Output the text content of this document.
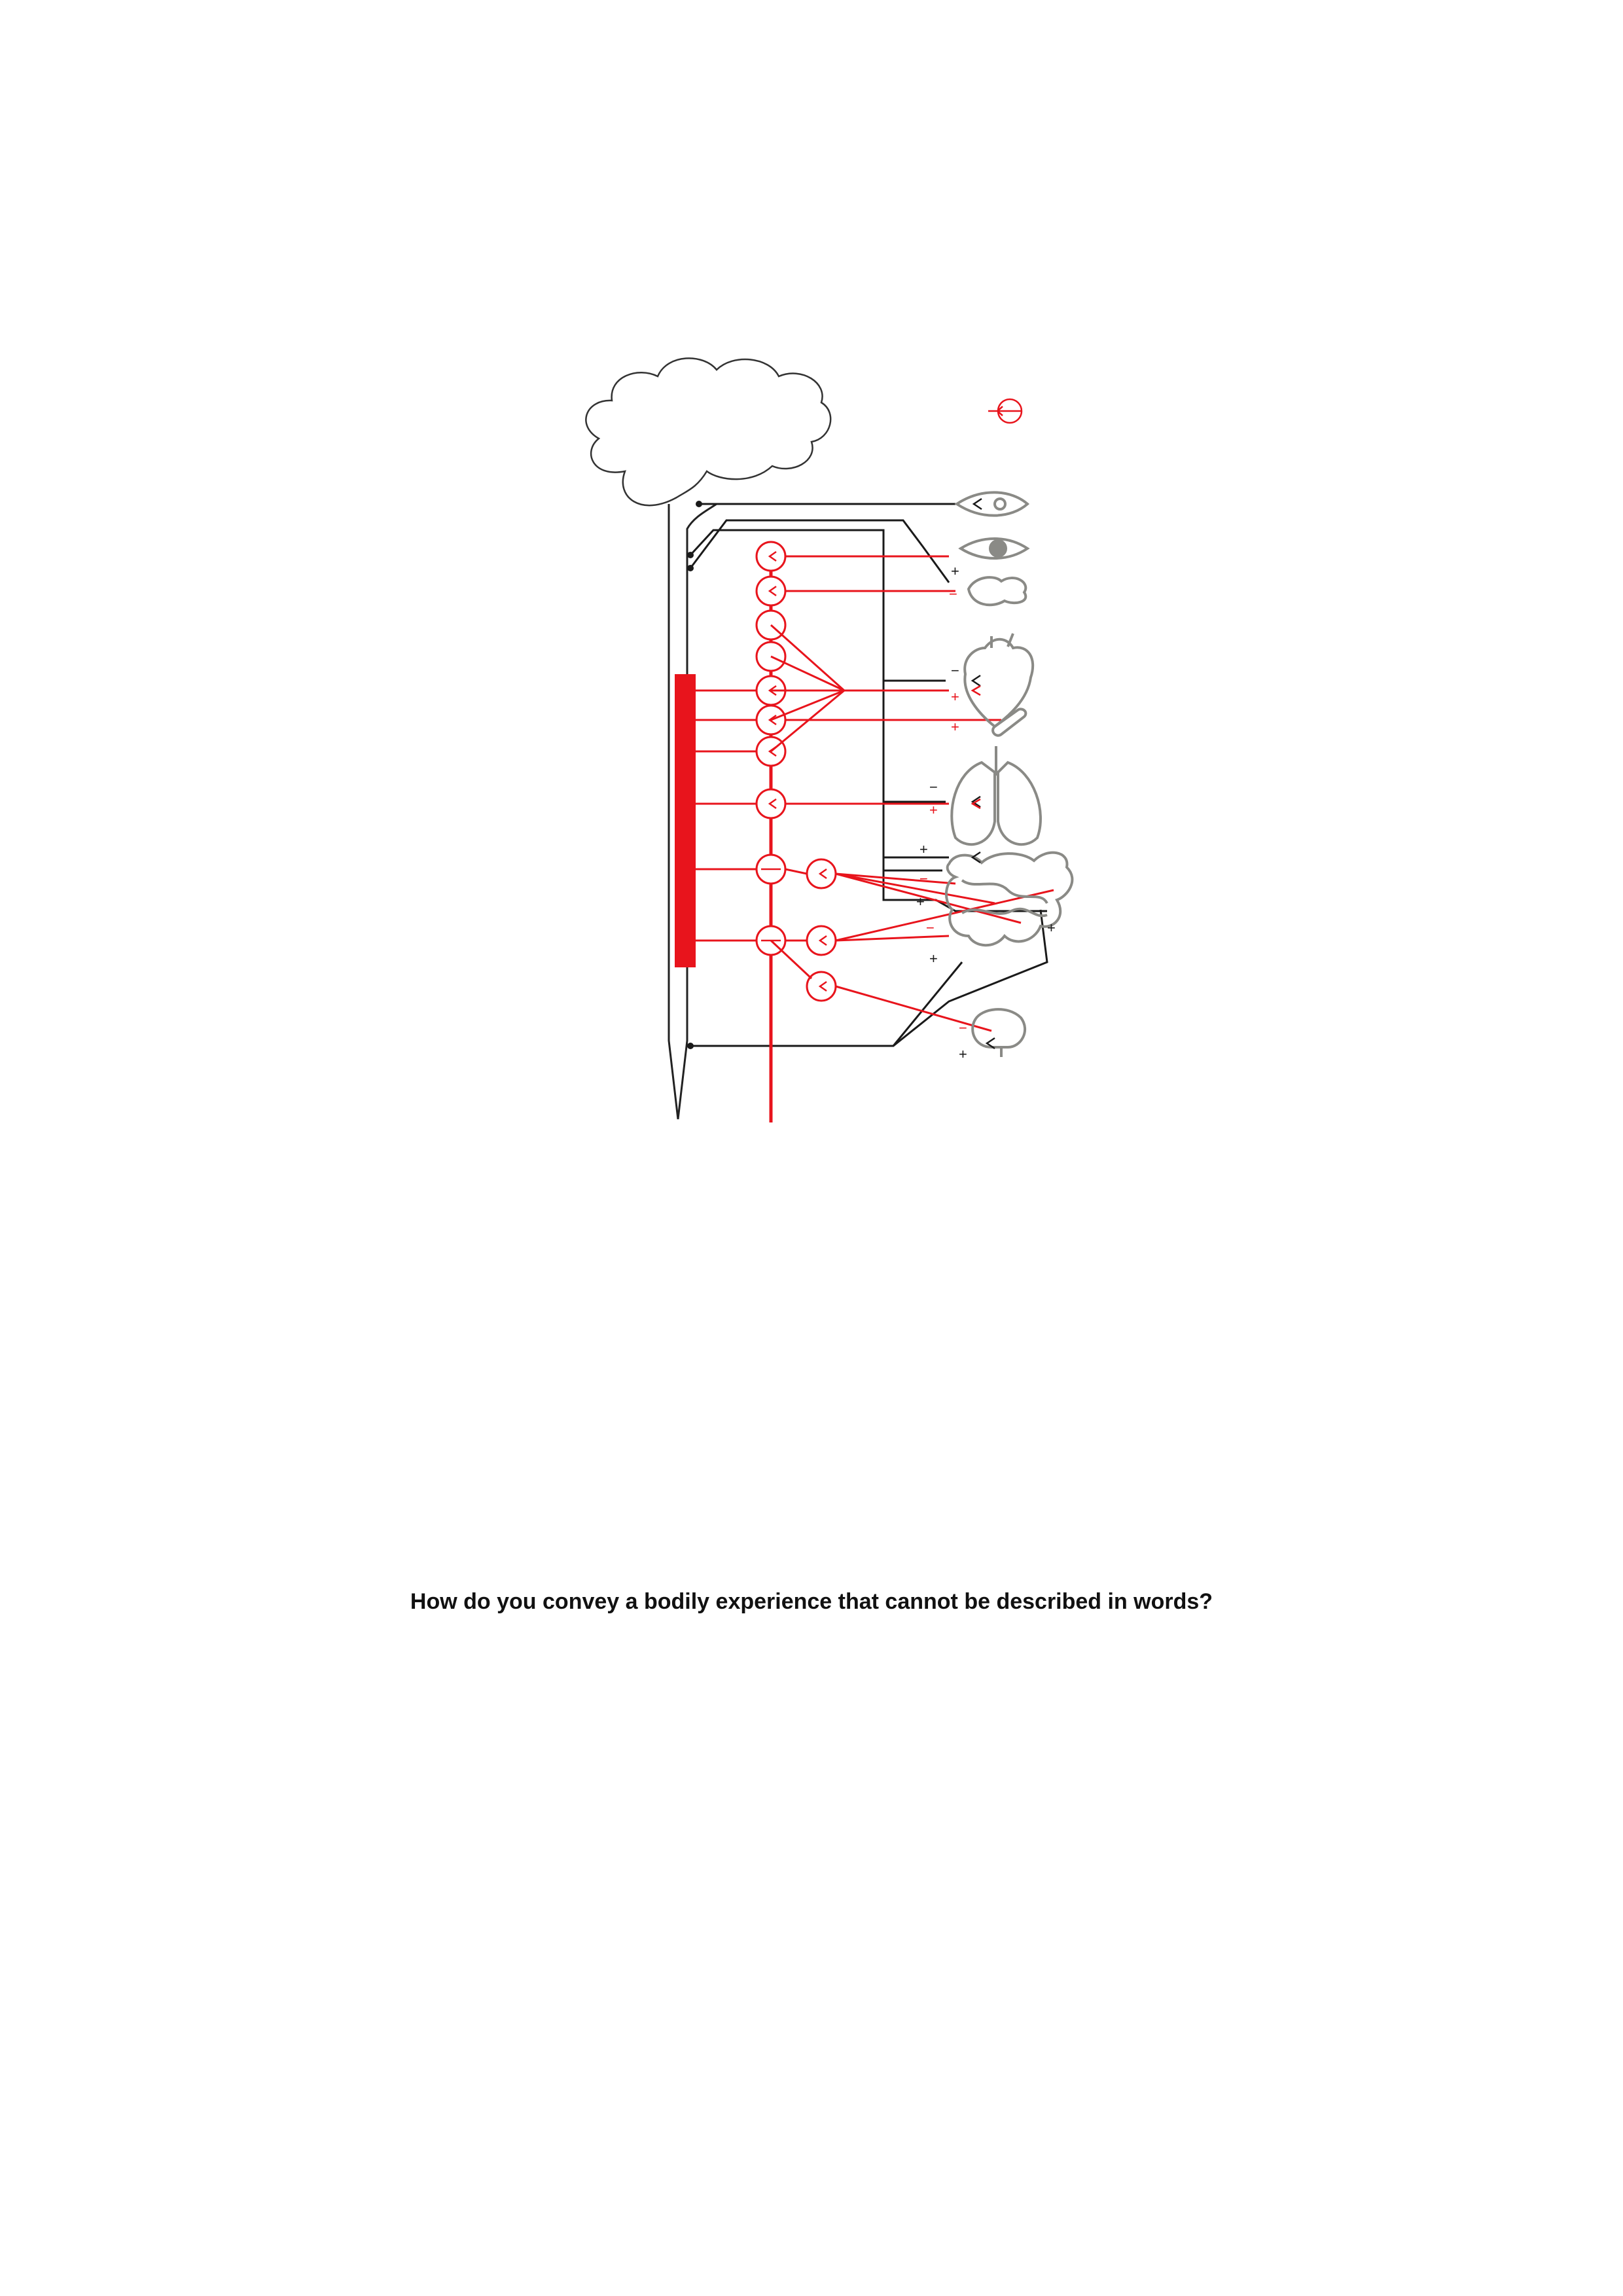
+
−
−
+
+
−
+
+
−
+
−
+
−
+
+
How do you convey a bodily experience that cannot be described in words?
